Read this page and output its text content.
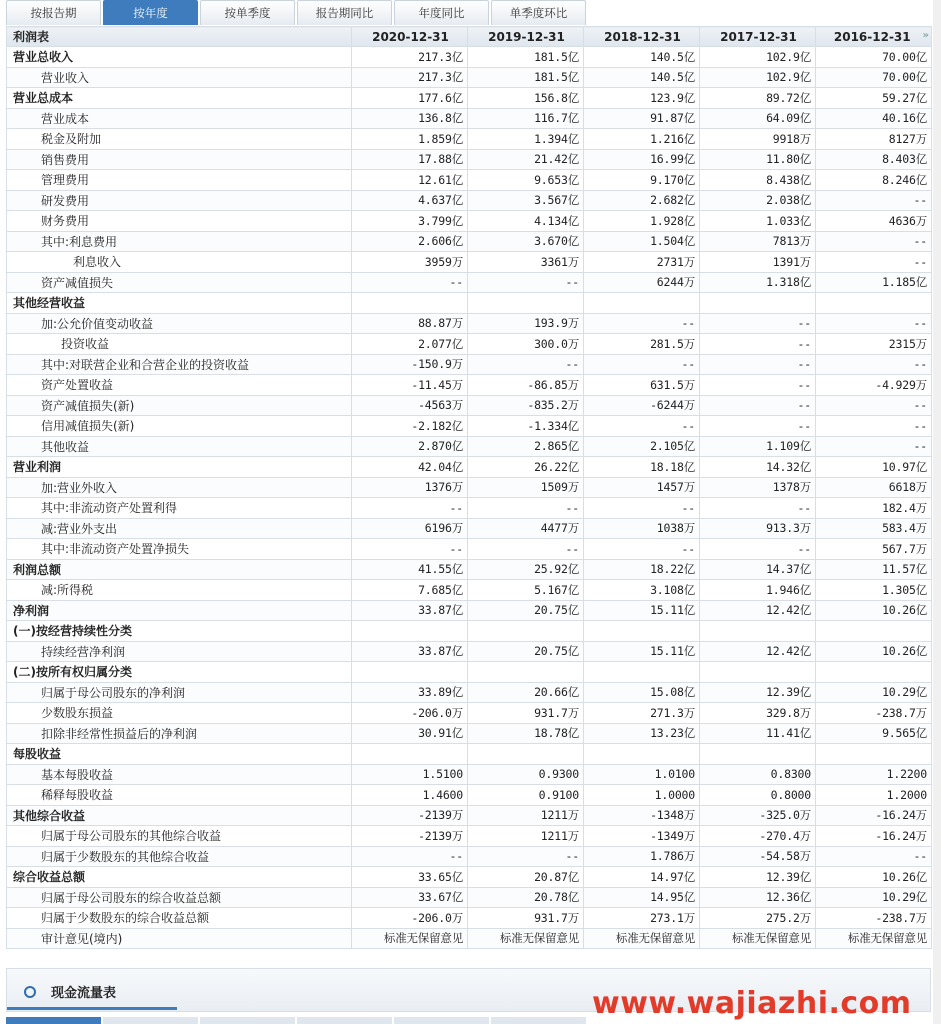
按报告期	按年度	按单季度	报告期同比	年度同比	单季度环比
利润表	2020-12-31	2019-12-31	2018-12-31	2017-12-31	2016-12-31 »

营业总收入	217.3亿	181.5亿	140.5亿	102.9亿	70.00亿
营业收入	217.3亿	181.5亿	140.5亿	102.9亿	70.00亿
营业总成本	177.6亿	156.8亿	123.9亿	89.72亿	59.27亿
营业成本	136.8亿	116.7亿	91.87亿	64.09亿	40.16亿
税金及附加	1.859亿	1.394亿	1.216亿	9918万	8127万
销售费用	17.88亿	21.42亿	16.99亿	11.80亿	8.403亿
管理费用	12.61亿	9.653亿	9.170亿	8.438亿	8.246亿
研发费用	4.637亿	3.567亿	2.682亿	2.038亿	--
财务费用	3.799亿	4.134亿	1.928亿	1.033亿	4636万
其中:利息费用	2.606亿	3.670亿	1.504亿	7813万	--
利息收入	3959万	3361万	2731万	1391万	--
资产减值损失	--	--	6244万	1.318亿	1.185亿
其他经营收益					
加:公允价值变动收益	88.87万	193.9万	--	--	--
投资收益	2.077亿	300.0万	281.5万	--	2315万
其中:对联营企业和合营企业的投资收益	-150.9万	--	--	--	--
资产处置收益	-11.45万	-86.85万	631.5万	--	-4.929万
资产减值损失(新)	-4563万	-835.2万	-6244万	--	--
信用减值损失(新)	-2.182亿	-1.334亿	--	--	--
其他收益	2.870亿	2.865亿	2.105亿	1.109亿	--
营业利润	42.04亿	26.22亿	18.18亿	14.32亿	10.97亿
加:营业外收入	1376万	1509万	1457万	1378万	6618万
其中:非流动资产处置利得	--	--	--	--	182.4万
减:营业外支出	6196万	4477万	1038万	913.3万	583.4万
其中:非流动资产处置净损失	--	--	--	--	567.7万
利润总额	41.55亿	25.92亿	18.22亿	14.37亿	11.57亿
减:所得税	7.685亿	5.167亿	3.108亿	1.946亿	1.305亿
净利润	33.87亿	20.75亿	15.11亿	12.42亿	10.26亿
(一)按经营持续性分类					
持续经营净利润	33.87亿	20.75亿	15.11亿	12.42亿	10.26亿
(二)按所有权归属分类					
归属于母公司股东的净利润	33.89亿	20.66亿	15.08亿	12.39亿	10.29亿
少数股东损益	-206.0万	931.7万	271.3万	329.8万	-238.7万
扣除非经常性损益后的净利润	30.91亿	18.78亿	13.23亿	11.41亿	9.565亿
每股收益					
基本每股收益	1.5100	0.9300	1.0100	0.8300	1.2200
稀释每股收益	1.4600	0.9100	1.0000	0.8000	1.2000
其他综合收益	-2139万	1211万	-1348万	-325.0万	-16.24万
归属于母公司股东的其他综合收益	-2139万	1211万	-1349万	-270.4万	-16.24万
归属于少数股东的其他综合收益	--	--	1.786万	-54.58万	--
综合收益总额	33.65亿	20.87亿	14.97亿	12.39亿	10.26亿
归属于母公司股东的综合收益总额	33.67亿	20.78亿	14.95亿	12.36亿	10.29亿
归属于少数股东的综合收益总额	-206.0万	931.7万	273.1万	275.2万	-238.7万
审计意见(境内)	标准无保留意见	标准无保留意见	标准无保留意见	标准无保留意见	标准无保留意见
现金流量表	www.wajiazhi.com
